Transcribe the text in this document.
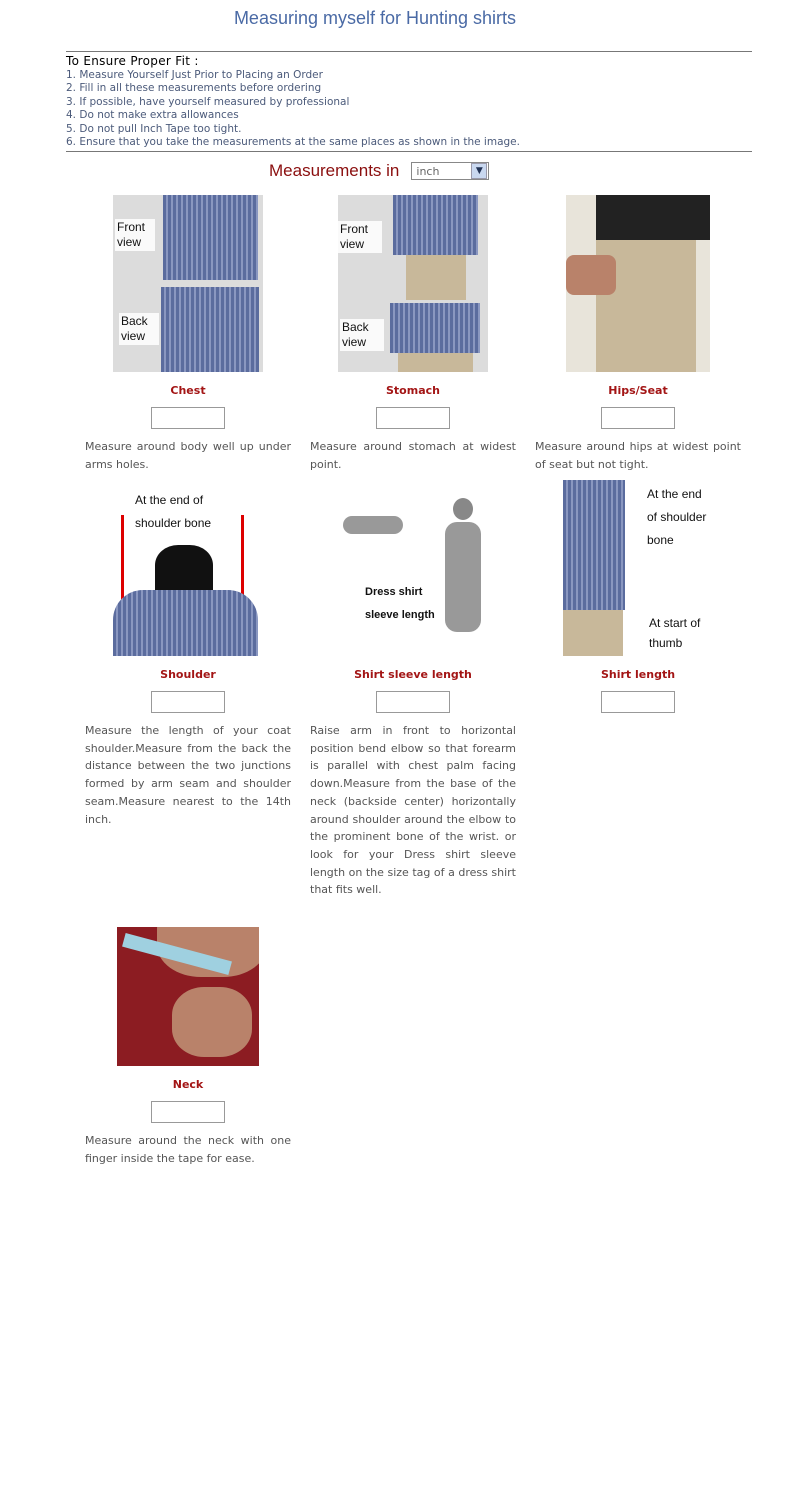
Measuring myself for Hunting shirts
To Ensure Proper Fit :
1. Measure Yourself Just Prior to Placing an Order
2. Fill in all these measurements before ordering
3. If possible, have yourself measured by professional
4. Do not make extra allowances
5. Do not pull Inch Tape too tight.
6. Ensure that you take the measurements at the same places as shown in the image.
Measurements in inch	▼
Front view
Back view
Chest
Measure around body well up under arms holes.
Front view
Back view
Stomach
Measure around stomach at widest point.
Hips/Seat
Measure around hips at widest point of seat but not tight.
At the end of shoulder bone
Shoulder
Measure the length of your coat shoulder.Measure from the back the distance between the two junctions formed by arm seam and shoulder seam.Measure nearest to the 14th inch.
Dress shirt sleeve length
Shirt sleeve length
Raise arm in front to horizontal position bend elbow so that forearm is parallel with chest palm facing down.Measure from the base of the neck (backside center) horizontally around shoulder around the elbow to the prominent bone of the wrist. or look for your Dress shirt sleeve length on the size tag of a dress shirt that fits well.
At the end of shoulder bone
At start of thumb
Shirt length
Neck
Measure around the neck with one finger inside the tape for ease.
